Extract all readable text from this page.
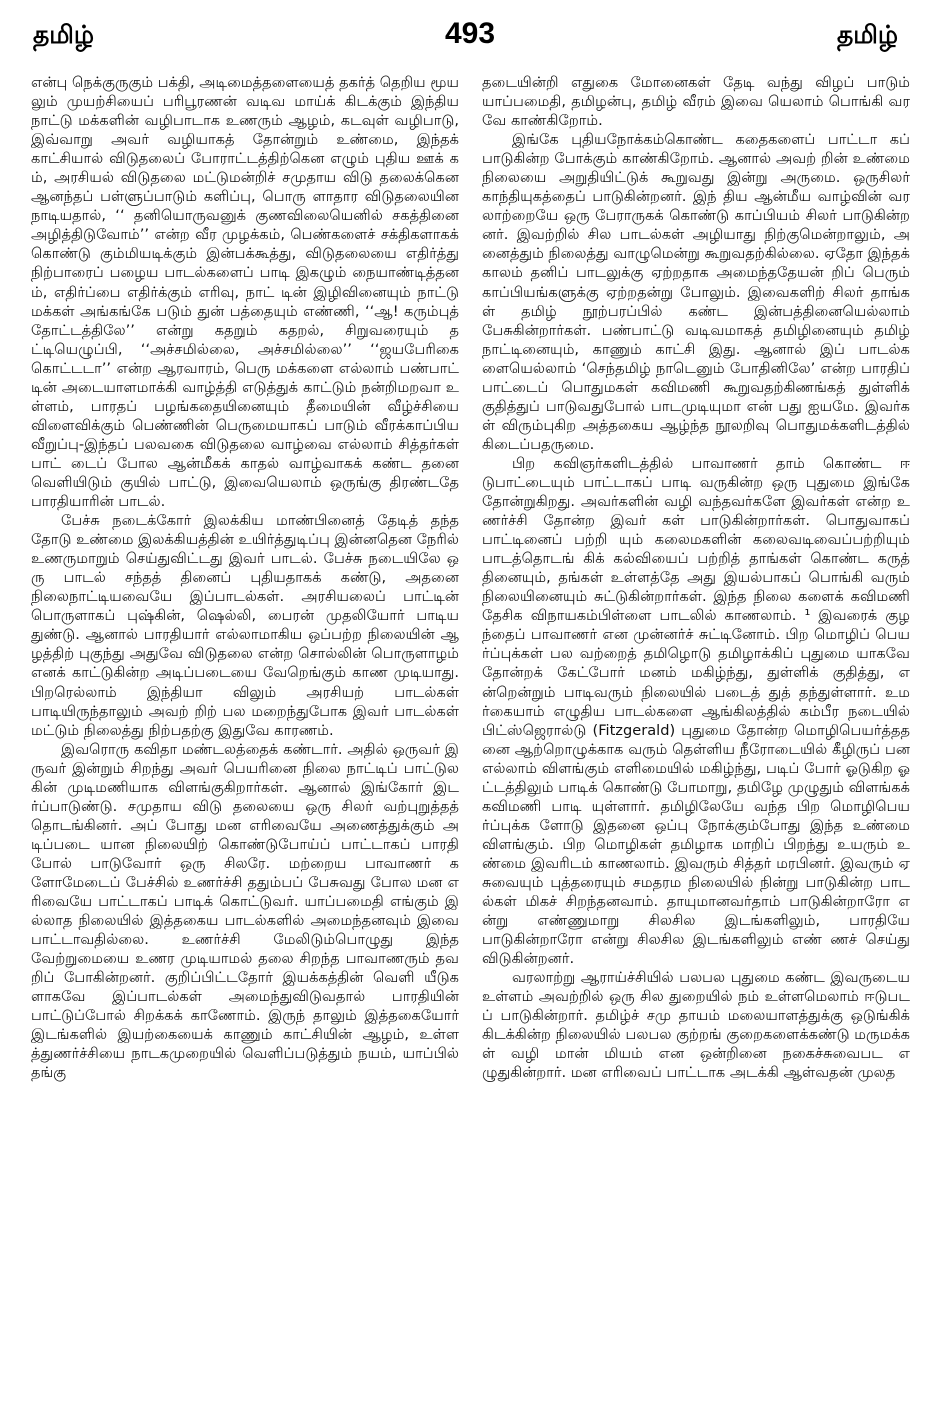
தமிழ்	493	தமிழ்

என்பு நெக்குருகும் பக்தி, அடிமைத்தளையைத் தகர்த் தெறிய மூயலும் முயற்சியைப் பரிபூரணன் வடிவ மாய்க் கிடக்கும் இந்திய நாட்டு மக்களின் வழிபாடாக உணரும் ஆழம், கடவுள் வழிபாடு, இவ்வாறு அவர் வழியாகத் தோன்றும் உண்மை, இந்தக் காட்சியால் விடுதலைப் போராட்டத்திற்கென எழும் புதிய ஊக் கம், அரசியல் விடுதலை மட்டுமன்றிச் சமுதாய விடு தலைக்கென ஆனந்தப் பள்ளுப்பாடும் களிப்பு, பொரு ளாதார விடுதலையின நாடியதால், ‘‘ தனியொருவனுக் குணவிலையெனில் சகத்தினை அழித்திடுவோம்’’ என்ற வீர முழக்கம், பெண்களைச் சக்திகளாகக் கொண்டு கும்மியடிக்கும் இன்பக்கூத்து, விடுதலையை எதிர்த்து நிற்பாரைப் பழைய பாடல்களைப் பாடி இகழும் நையாண்டித்தனம், எதிர்ப்பை எதிர்க்கும் எரிவு, நாட் டின் இழிவினையும் நாட்டு மக்கள் அங்கங்கே படும் துன் பத்தையும் எண்ணி, ‘‘ஆ! கரும்புத் தோட்டத்திலே’’ என்று கதறும் கதறல், சிறுவரையும் தட்டியெழுப்பி, ‘‘அச்சமில்லை, அச்சமில்லை’’ ‘‘ஜயபேரிகை கொட்டடா’’ என்ற ஆரவாரம், பெரு மக்களை எல்லாம் பண்பாட் டின் அடையாளமாக்கி வாழ்த்தி எடுத்துக் காட்டும் நன்றிமறவா உள்ளம், பாரதப் பழங்கதையினையும் தீமையின் வீழ்ச்சியை விளைவிக்கும் பெண்ணின் பெருமையாகப் பாடும் வீரக்காப்பிய வீறுப்பு-இந்தப் பலவகை விடுதலை வாழ்வை எல்லாம் சித்தர்கள் பாட் டைப் போல ஆன்மீகக் காதல் வாழ்வாகக் கண்ட தனை வெளியிடும் குயில் பாட்டு, இவையெலாம் ஒருங்கு திரண்டதே பாரதியாரின் பாடல்.

பேச்சு நடைக்கோர் இலக்கிய மாண்பினைத் தேடித் தந்ததோடு உண்மை இலக்கியத்தின் உயிர்த்துடிப்பு இன்னதென நேரில் உணருமாறும் செய்துவிட்டது இவர் பாடல். பேச்சு நடையிலே ஒரு பாடல் சந்தத் தினைப் புதியதாகக் கண்டு, அதனை நிலைநாட்டியவையே இப்பாடல்கள். அரசியலைப் பாட்டின் பொருளாகப் புஷ்கின், ஷெல்லி, பைரன் முதலியோர் பாடியதுண்டு. ஆனால் பாரதியார் எல்லாமாகிய ஒப்பற்ற நிலையின் ஆழத்திற் புகுந்து அதுவே விடுதலை என்ற சொல்லின் பொருளாழம் எனக் காட்டுகின்ற அடிப்படையை வேறெங்கும் காண முடியாது. பிறரெல்லாம் இந்தியா விலும் அரசியற் பாடல்கள் பாடியிருந்தாலும் அவற் றிற் பல மறைந்துபோக இவர் பாடல்கள் மட்டும் நிலைத்து நிற்பதற்கு இதுவே காரணம்.

இவரொரு கவிதா மண்டலத்தைக் கண்டார். அதில் ஒருவர் இருவர் இன்றும் சிறந்து அவர் பெயரினை நிலை நாட்டிப் பாட்டுலகின் முடிமணியாக விளங்குகிறார்கள். ஆனால் இங்கோர் இடர்ப்பாடுண்டு. சமுதாய விடு தலையை ஒரு சிலர் வற்புறுத்தத் தொடங்கினர். அப் போது மன எரிவையே அணைத்துக்கும் அடிப்படை யான நிலையிற் கொண்டுபோய்ப் பாட்டாகப் பாரதி போல் பாடுவோர் ஒரு சிலரே. மற்றைய பாவாணர் களோமேடைப் பேச்சில் உணர்ச்சி ததும்பப் பேசுவது போல மன எரிவையே பாட்டாகப் பாடிக் கொட்டுவர். யாப்பமைதி எங்கும் இல்லாத நிலையில் இத்தகைய பாடல்களில் அமைந்தனவும் இவை பாட்டாவதில்லை. உணர்ச்சி மேலிடும்பொழுது இந்த வேற்றுமையை உணர முடியாமல் தலை சிறந்த பாவாணரும் தவறிப் போகின்றனர். குறிப்பிட்டதோர் இயக்கத்தின் வெளி யீடுகளாகவே இப்பாடல்கள் அமைந்துவிடுவதால் பாரதியின் பாட்டுப்போல் சிறக்கக் காணோம். இருந் தாலும் இத்தகையோர் இடங்களில் இயற்கையைக் காணும் காட்சியின் ஆழம், உள்ளத்துணர்ச்சியை நாடகமுறையில் வெளிப்படுத்தும் நயம், யாப்பில் தங்கு

தடையின்றி எதுகை மோனைகள் தேடி வந்து விழப் பாடும் யாப்பமைதி, தமிழன்பு, தமிழ் வீரம் இவை யெலாம் பொங்கி வரவே காண்கிறோம்.

இங்கே புதியநோக்கம்கொண்ட கதைகளைப் பாட்டா கப் பாடுகின்ற போக்கும் காண்கிறோம். ஆனால் அவற் றின் உண்மை நிலையை அறுதியிட்டுக் கூறுவது இன்று அருமை. ஒருசிலர் காந்தியுகத்தைப் பாடுகின்றனர். இந் திய ஆன்மீய வாழ்வின் வரலாற்றையே ஒரு பேராருகக் கொண்டு காப்பியம் சிலர் பாடுகின்றனர். இவற்றில் சில பாடல்கள் அழியாது நிற்குமென்றாலும், அனைத்தும் நிலைத்து வாழுமென்று கூறுவதற்கில்லை. ஏதோ இந்தக் காலம் தனிப் பாடலுக்கு ஏற்றதாக அமைந்ததேயன் றிப் பெரும் காப்பியங்களுக்கு ஏற்றதன்று போலும். இவைகளிற் சிலர் தாங்கள் தமிழ் நூற்பரப்பில் கண்ட இன்பத்தினையெல்லாம் பேசுகின்றார்கள். பண்பாட்டு வடிவமாகத் தமிழினையும் தமிழ் நாட்டினையும், காணும் காட்சி இது. ஆனால் இப் பாடல்களையெல்லாம் ‘செந்தமிழ் நாடெனும் போதினிலே’ என்ற பாரதிப் பாட்டைப் பொதுமகள் கவிமணி கூறுவதற்கிணங்கத் துள்ளிக் குதித்துப் பாடுவதுபோல் பாடமுடியுமா என் பது ஐயமே. இவர்கள் விரும்புகிற அத்தகைய ஆழ்ந்த நூலறிவு பொதுமக்களிடத்தில் கிடைப்பதருமை.

பிற கவிஞர்களிடத்தில் பாவாணர் தாம் கொண்ட ஈடுபாட்டையும் பாட்டாகப் பாடி வருகின்ற ஒரு புதுமை இங்கே தோன்றுகிறது. அவர்களின் வழி வந்தவர்களே இவர்கள் என்ற உணர்ச்சி தோன்ற இவர் கள் பாடுகின்றார்கள். பொதுவாகப் பாட்டினைப் பற்றி யும் கலைமகளின் கலைவடிவைப்பற்றியும் பாடத்தொடங் கிக் கல்வியைப் பற்றித் தாங்கள் கொண்ட கருத் தினையும், தங்கள் உள்ளத்தே அது இயல்பாகப் பொங்கி வரும் நிலையினையும் சுட்டுகின்றார்கள். இந்த நிலை களைக் கவிமணி தேசிக விநாயகம்பிள்ளை பாடலில் காணலாம். ¹ இவரைக் குழந்தைப் பாவாணர் என முன்னர்ச் சுட்டினோம். பிற மொழிப் பெயர்ப்புக்கள் பல வற்றைத் தமிழொடு தமிழாக்கிப் புதுமை யாகவே தோன்றக் கேட்போர் மனம் மகிழ்ந்து, துள்ளிக் குதித்து, என்றென்றும் பாடிவரும் நிலையில் படைத் துத் தந்துள்ளார். உமர்கையாம் எழுதிய பாடல்களை ஆங்கிலத்தில் கம்பீர நடையில் பிட்ஸ்ஜெரால்டு (Fitzgerald) புதுமை தோன்ற மொழிபெயர்த்ததனை ஆற்றொழுக்காக வரும் தெள்ளிய நீரோடையில் கீழிருப் பன எல்லாம் விளங்கும் எளிமையில் மகிழ்ந்து, படிப் போர் ஓடுகிற ஓட்டத்திலும் பாடிக் கொண்டு போமாறு, தமிழே முழுதும் விளங்கக் கவிமணி பாடி யுள்ளார். தமிழிலேயே வந்த பிற மொழிபெயர்ப்புக்க ளோடு இதனை ஒப்பு நோக்கும்போது இந்த உண்மை விளங்கும். பிற மொழிகள் தமிழாக மாறிப் பிறந்து உயரும் உண்மை இவரிடம் காணலாம். இவரும் சித்தர் மரபினர். இவரும் ஏசுவையும் புத்தரையும் சமதரம நிலையில் நின்று பாடுகின்ற பாடல்கள் மிகச் சிறந்தனவாம். தாயுமானவர்தாம் பாடுகின்றாரோ என்று எண்ணுமாறு சிலசில இடங்களிலும், பாரதியே பாடுகின்றாரோ என்று சிலசில இடங்களிலும் எண் ணச் செய்து விடுகின்றனர்.

வரலாற்று ஆராய்ச்சியில் பலபல புதுமை கண்ட இவருடைய உள்ளம் அவற்றில் ஒரு சில துறையில் நம் உள்ளமெலாம் ஈடுபடப் பாடுகின்றார். தமிழ்ச் சமு தாயம் மலையாளத்துக்கு ஒடுங்கிக் கிடக்கின்ற நிலையில் பலபல குற்றங் குறைகளைக்கண்டு மருமக்கள் வழி மான் மியம் என ஒன்றினை நகைச்சுவைபட எழுதுகின்றார். மன எரிவைப் பாட்டாக அடக்கி ஆள்வதன் முலத
